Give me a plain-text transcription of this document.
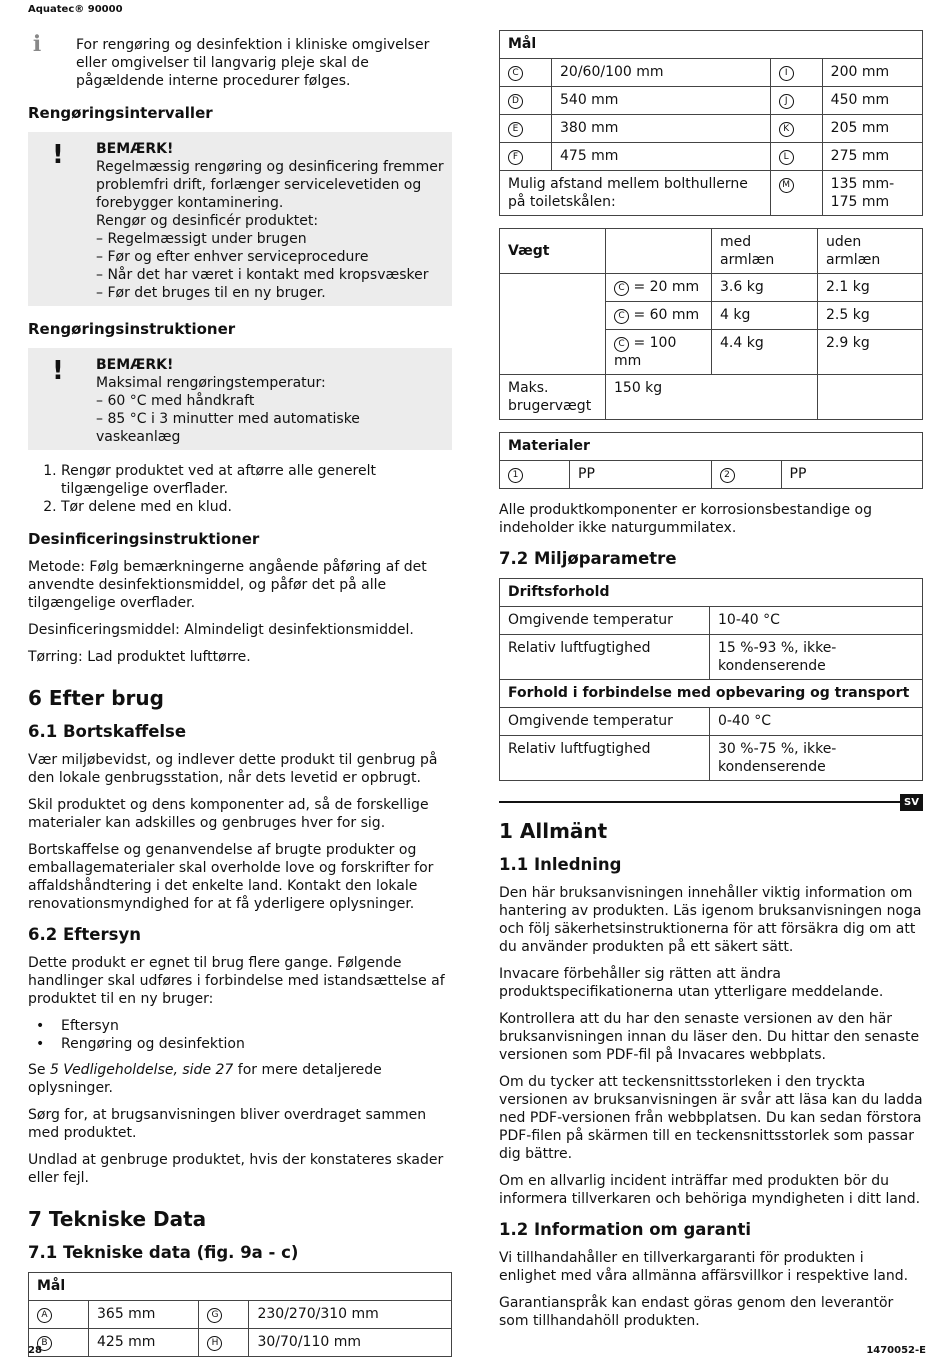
Aquatec® 90000
ℹ	For rengøring og desinfektion i kliniske omgivelser eller omgivelser til langvarig pleje skal de pågældende interne procedurer følges.
Rengøringsintervaller
!	BEMÆRK!
Regelmæssig rengøring og desinficering fremmer problemfri drift, forlænger servicelevetiden og forebygger kontaminering.
Rengør og desinficér produktet:
– Regelmæssigt under brugen
– Før og efter enhver serviceprocedure
– Når det har været i kontakt med kropsvæsker
– Før det bruges til en ny bruger.
Rengøringsinstruktioner
!	BEMÆRK!
Maksimal rengøringstemperatur:
– 60 °C med håndkraft
– 85 °C i 3 minutter med automatiske vaskeanlæg
1. Rengør produktet ved at aftørre alle generelt tilgængelige overflader.
2. Tør delene med en klud.
Desinficeringsinstruktioner

Metode: Følg bemærkningerne angående påføring af det anvendte desinfektionsmiddel, og påfør det på alle tilgængelige overflader.

Desinficeringsmiddel: Almindeligt desinfektionsmiddel.

Tørring: Lad produktet lufttørre.

6 Efter brug
6.1 Bortskaffelse

Vær miljøbevidst, og indlever dette produkt til genbrug på den lokale genbrugsstation, når dets levetid er opbrugt.

Skil produktet og dens komponenter ad, så de forskellige materialer kan adskilles og genbruges hver for sig.

Bortskaffelse og genanvendelse af brugte produkter og emballagematerialer skal overholde love og forskrifter for affaldshåndtering i det enkelte land. Kontakt den lokale renovationsmyndighed for at få yderligere oplysninger.

6.2 Eftersyn

Dette produkt er egnet til brug flere gange. Følgende handlinger skal udføres i forbindelse med istandsættelse af produktet til en ny bruger:

• Eftersyn
• Rengøring og desinfektion

Se 5 Vedligeholdelse, side 27 for mere detaljerede oplysninger.

Sørg for, at brugsanvisningen bliver overdraget sammen med produktet.

Undlad at genbruge produktet, hvis der konstateres skader eller fejl.

7 Tekniske Data
7.1 Tekniske data (fig. 9a - c)
Mål			
A	365 mm	G	230/270/310 mm
B	425 mm	H	30/70/110 mm
Mål			
C	20/60/100 mm	I	200 mm
D	540 mm	J	450 mm
E	380 mm	K	205 mm
F	475 mm	L	275 mm
Mulig afstand mellem bolthullerne på toiletskålen:		M	135 mm-175 mm
Vægt		med armlæn	uden armlæn
	C = 20 mm	3.6 kg	2.1 kg
	C = 60 mm	4 kg	2.5 kg
	C = 100 mm	4.4 kg	2.9 kg
Maks. brugervægt	150 kg		
Materialer
1	PP	2	PP

Alle produktkomponenter er korrosionsbestandige og indeholder ikke naturgummilatex.

7.2 Miljøparametre
Driftsforhold	
Omgivende temperatur	10-40 °C
Relativ luftfugtighed	15 %-93 %, ikke-kondenserende
Forhold i forbindelse med opbevaring og transport	
Omgivende temperatur	0-40 °C
Relativ luftfugtighed	30 %-75 %, ikke-kondenserende
1 Allmänt
1.1 Inledning

Den här bruksanvisningen innehåller viktig information om hantering av produkten. Läs igenom bruksanvisningen noga och följ säkerhetsinstruktionerna för att försäkra dig om att du använder produkten på ett säkert sätt.

Invacare förbehåller sig rätten att ändra produktspecifikationerna utan ytterligare meddelande.

Kontrollera att du har den senaste versionen av den här bruksanvisningen innan du läser den. Du hittar den senaste versionen som PDF-fil på Invacares webbplats.

Om du tycker att teckensnittsstorleken i den tryckta versionen av bruksanvisningen är svår att läsa kan du ladda ned PDF-versionen från webbplatsen. Du kan sedan förstora PDF-filen på skärmen till en teckensnittsstorlek som passar dig bättre.

Om en allvarlig incident inträffar med produkten bör du informera tillverkaren och behöriga myndigheten i ditt land.

1.2 Information om garanti

Vi tillhandahåller en tillverkargaranti för produkten i enlighet med våra allmänna affärsvillkor i respektive land.

Garantianspråk kan endast göras genom den leverantör som tillhandahöll produkten.

SV
28	1470052-E
